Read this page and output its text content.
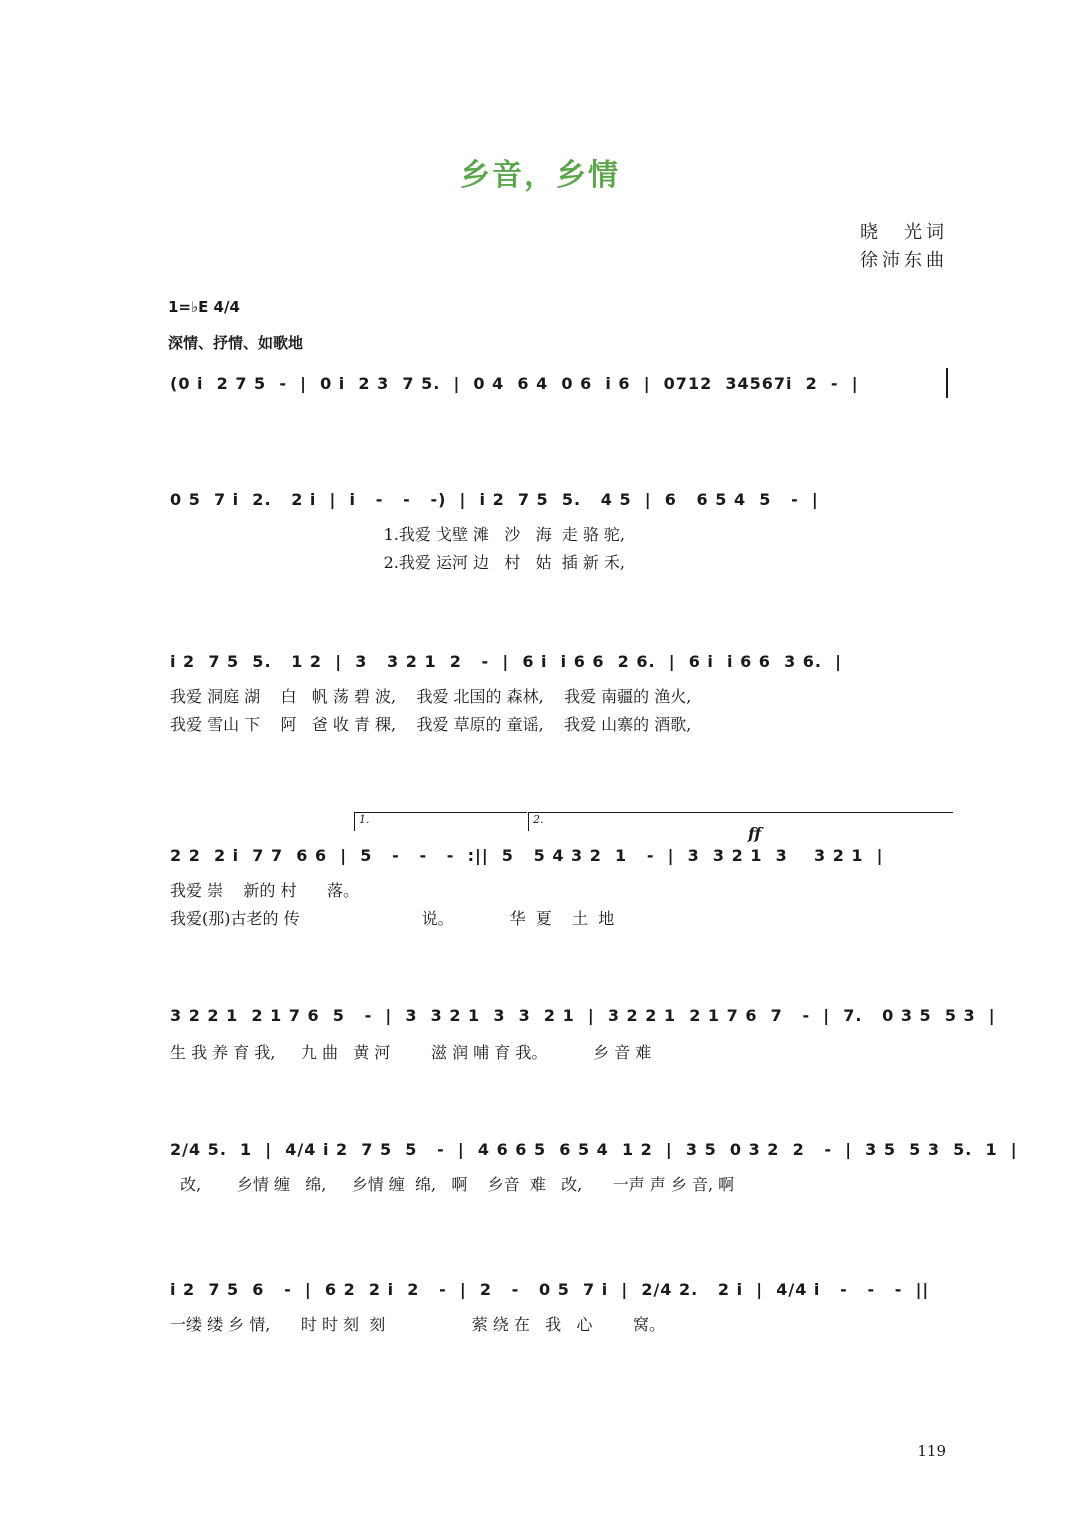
乡音，乡情
晓　光词
徐沛东曲
1=♭E 4/4
深情、抒情、如歌地
(0 i  2 7 5  -  |  0 i  2 3  7 5.  |  0 4  6 4  0 6  i 6  |  0712  34567i  2  -  |
0 5  7 i  2.   2 i  |  i   -   -   -)  |  i 2  7 5  5.   4 5  |  6   6 5 4  5   -  |
1.我爱 戈壁 滩   沙   海  走 骆 驼,
2.我爱 运河 边   村   姑  插 新 禾,
i 2  7 5  5.   1 2  |  3   3 2 1  2   -  |  6 i  i 6 6  2 6.  |  6 i  i 6 6  3 6.  |
我爱 洞庭 湖    白   帆 荡 碧 波,    我爱 北国的 森林,    我爱 南疆的 渔火,
我爱 雪山 下    阿   爸 收 青 稞,    我爱 草原的 童谣,    我爱 山寨的 酒歌,
1.	2.
ff
2 2  2 i  7 7  6 6  |  5   -   -   -  :||  5   5 4 3 2  1   -  |  3  3 2 1  3    3 2 1  |
我爱 崇    新的 村      落。
我爱(那)古老的 传                        说。           华  夏    土  地
3 2 2 1  2 1 7 6  5   -  |  3  3 2 1  3  3  2 1  |  3 2 2 1  2 1 7 6  7   -  |  7.   0 3 5  5 3  |
生 我 养 育 我,     九 曲   黄 河        滋 润 哺 育 我。         乡 音 难
2/4 5.  1  |  4/4 i 2  7 5  5   -  |  4 6 6 5  6 5 4  1 2  |  3 5  0 3 2  2   -  |  3 5  5 3  5.  1  |
改,       乡情 缠   绵,     乡情 缠  绵,   啊    乡音  难   改,      一声 声 乡 音, 啊
i 2  7 5  6   -  |  6 2  2 i  2   -  |  2   -   0 5  7 i  |  2/4 2.   2 i  |  4/4 i   -   -   -  ||
一缕 缕 乡 情,      时 时 刻  刻                 萦 绕 在   我   心        窝。
119
